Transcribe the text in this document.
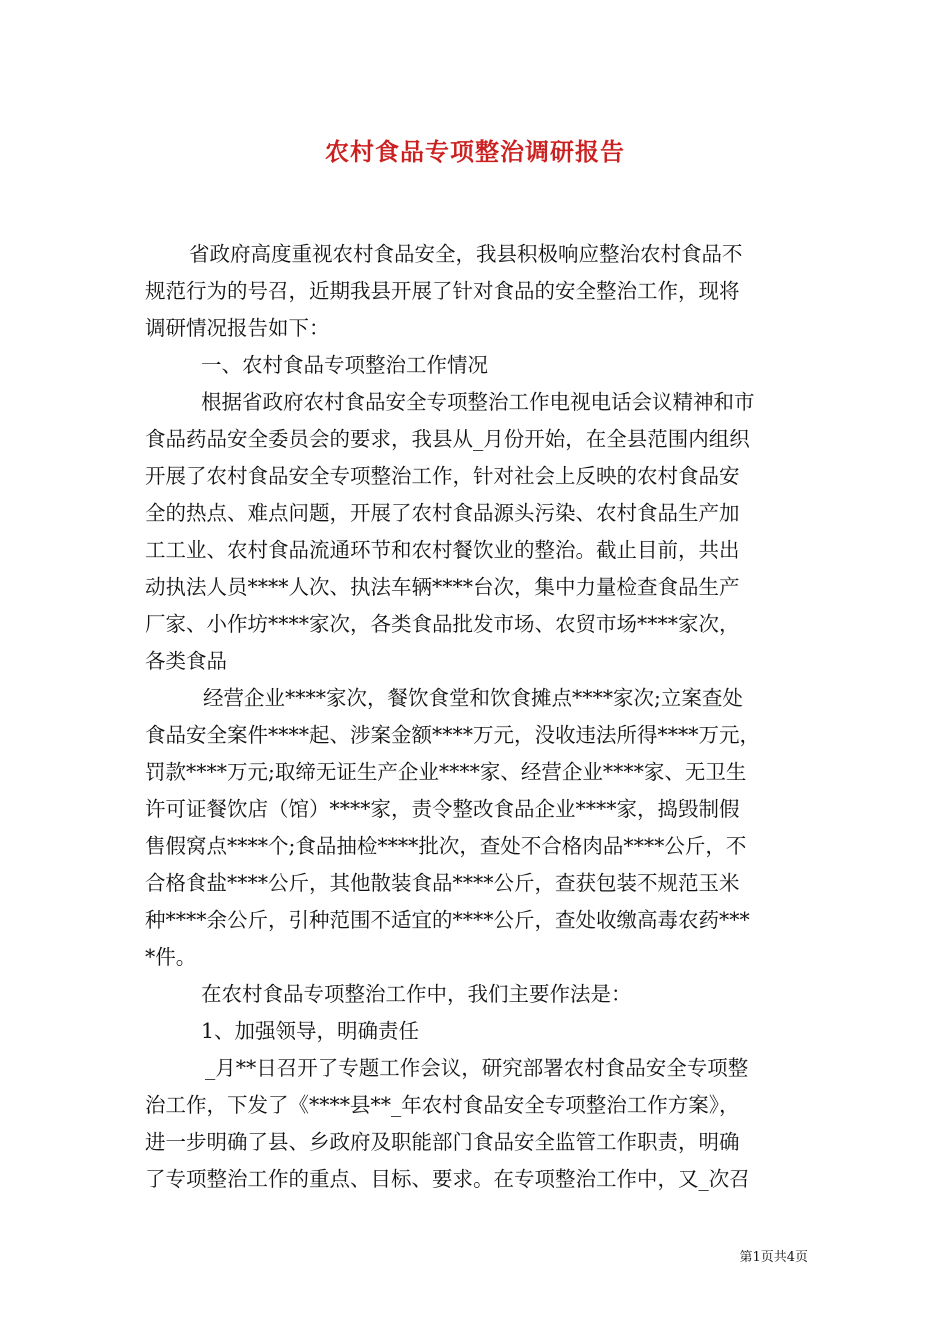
农村食品专项整治调研报告
省政府高度重视农村食品安全，我县积极响应整治农村食品不
规范行为的号召，近期我县开展了针对食品的安全整治工作，现将
调研情况报告如下：
一、农村食品专项整治工作情况
根据省政府农村食品安全专项整治工作电视电话会议精神和市
食品药品安全委员会的要求，我县从_月份开始，在全县范围内组织
开展了农村食品安全专项整治工作，针对社会上反映的农村食品安
全的热点、难点问题，开展了农村食品源头污染、农村食品生产加
工工业、农村食品流通环节和农村餐饮业的整治。截止目前，共出
动执法人员****人次、执法车辆****台次，集中力量检查食品生产
厂家、小作坊****家次，各类食品批发市场、农贸市场****家次，
各类食品
经营企业****家次，餐饮食堂和饮食摊点****家次;立案查处
食品安全案件****起、涉案金额****万元，没收违法所得****万元，
罚款****万元;取缔无证生产企业****家、经营企业****家、无卫生
许可证餐饮店（馆）****家，责令整改食品企业****家，捣毁制假
售假窝点****个;食品抽检****批次，查处不合格肉品****公斤，不
合格食盐****公斤，其他散装食品****公斤，查获包装不规范玉米
种****余公斤，引种范围不适宜的****公斤，查处收缴高毒农药***
*件。
在农村食品专项整治工作中，我们主要作法是：
1、加强领导，明确责任
_月**日召开了专题工作会议，研究部署农村食品安全专项整
治工作，下发了《****县**_年农村食品安全专项整治工作方案》，
进一步明确了县、乡政府及职能部门食品安全监管工作职责，明确
了专项整治工作的重点、目标、要求。在专项整治工作中，又_次召
第1页共4页
